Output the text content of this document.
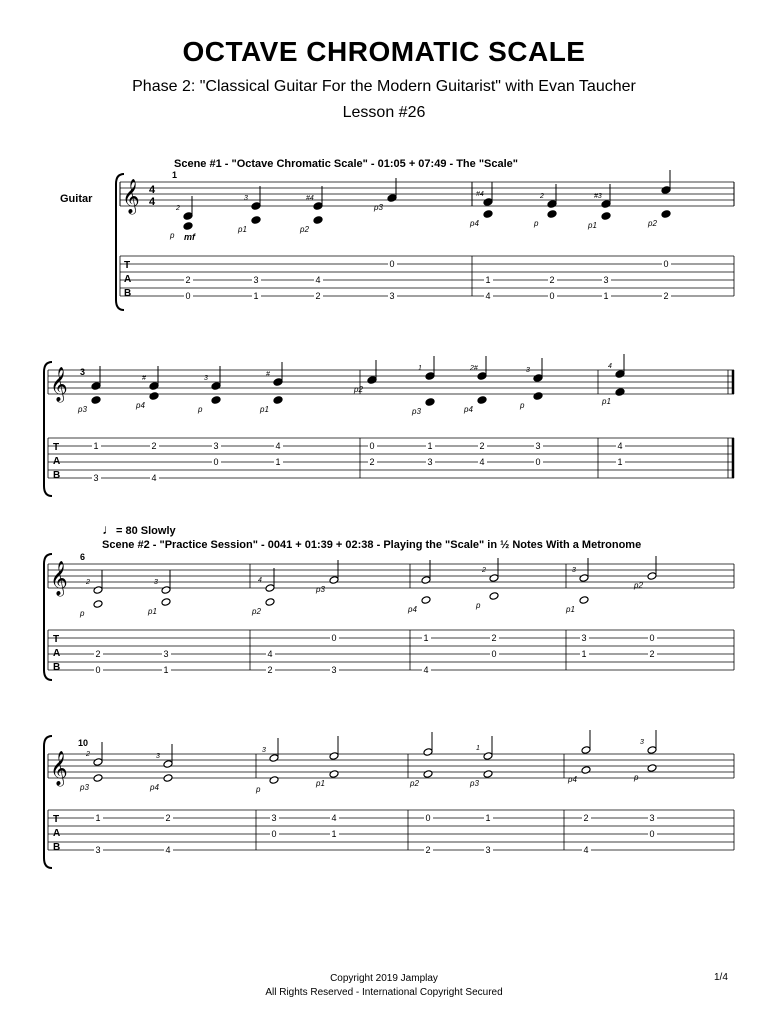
OCTAVE CHROMATIC SCALE
Phase 2: "Classical Guitar For the Modern Guitarist" with Evan Taucher
Lesson #26
Scene #1 - "Octave Chromatic Scale" - 01:05 + 07:49 - The "Scale"
Guitar
♩= 80 Slowly
Scene #2 - "Practice Session" - 0041 + 01:39 + 02:38 - Playing the "Scale" in ½ Notes With a Metronome
𝄞 4
4
1
mf
T
A
B
2
p
2
0
3
p1
3
1
#4
p2
4
2
p3
0
3
#4
p4
1
4
2
p
2
0
#3
p1
3
1
p2
0
2
𝄞 3
T
A
B
p3
1
3
#
p4
2
4
3
p
3
0
#
p1
4
1
p2
0
2
1
p3
1
3
2#
p4
2
4
3
p
3
0
4
p1
4
1
𝄞
6
T
A
B
2
p
2
0
3
p1
3
1
4
p2
4
2
p3
0
3
p4
1
4
2
p
2
0
3
p1
3
1
p2
0
2
𝄞
10
T
A
B
2
p3
1
3
3
p4
2
4
3
p
3
0
p1
4
1
p2
0
2
1
p3
1
3
p4
2
4
3
p
3
0
Copyright 2019 Jamplay
All Rights Reserved - International Copyright Secured
1/4
